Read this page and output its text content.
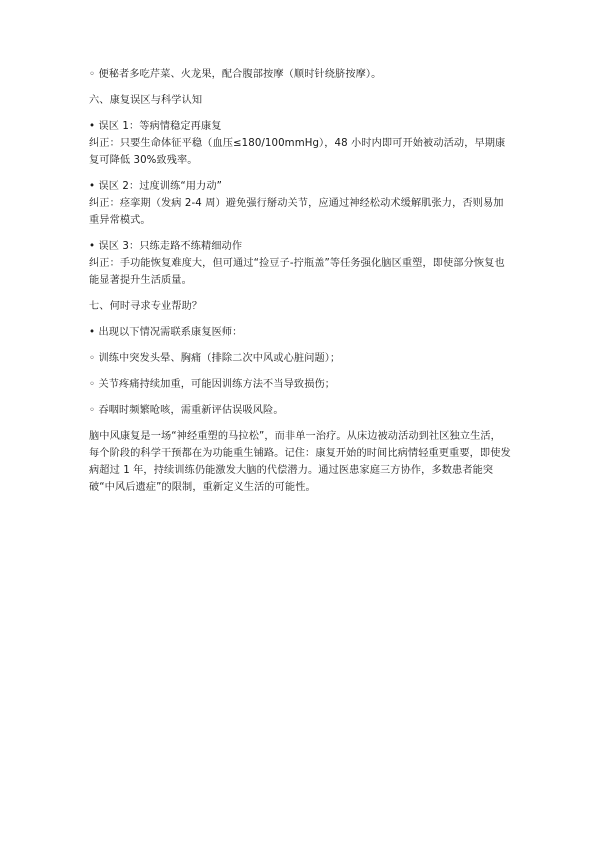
◦ 便秘者多吃芹菜、火龙果，配合腹部按摩（顺时针绕脐按摩）。

六、康复误区与科学认知

• 误区 1：等病情稳定再康复

纠正：只要生命体征平稳（血压≤180/100mmHg），48 小时内即可开始被动活动，早期康复可降低 30%致残率。

• 误区 2：过度训练“用力动”

纠正：痉挛期（发病 2-4 周）避免强行掰动关节，应通过神经松动术缓解肌张力，否则易加重异常模式。

• 误区 3：只练走路不练精细动作

纠正：手功能恢复难度大，但可通过“捡豆子-拧瓶盖”等任务强化脑区重塑，即使部分恢复也能显著提升生活质量。

七、何时寻求专业帮助？

• 出现以下情况需联系康复医师：

◦ 训练中突发头晕、胸痛（排除二次中风或心脏问题）；

◦ 关节疼痛持续加重，可能因训练方法不当导致损伤；

◦ 吞咽时频繁呛咳，需重新评估误吸风险。

脑中风康复是一场“神经重塑的马拉松”，而非单一治疗。从床边被动活动到社区独立生活，每个阶段的科学干预都在为功能重生铺路。记住：康复开始的时间比病情轻重更重要，即使发病超过 1 年，持续训练仍能激发大脑的代偿潜力。通过医患家庭三方协作，多数患者能突破“中风后遗症”的限制，重新定义生活的可能性。
